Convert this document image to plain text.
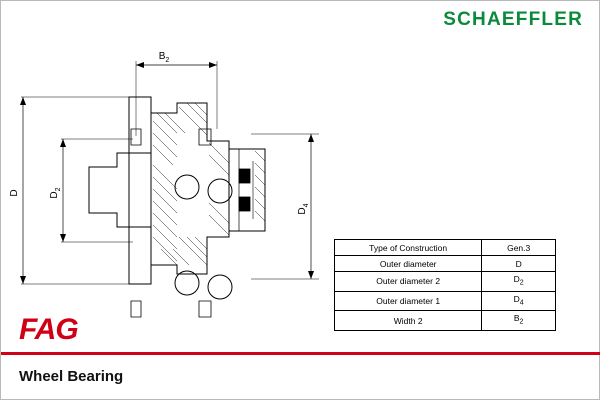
SCHAEFFLER
$B_2$
D	$D_2$
$D_4$
Type of Construction	Gen.3
Outer diameter	D
Outer diameter 2	$D_2$
Outer diameter 1	$D_4$
Width 2	$B_2$
FAG
Wheel Bearing
